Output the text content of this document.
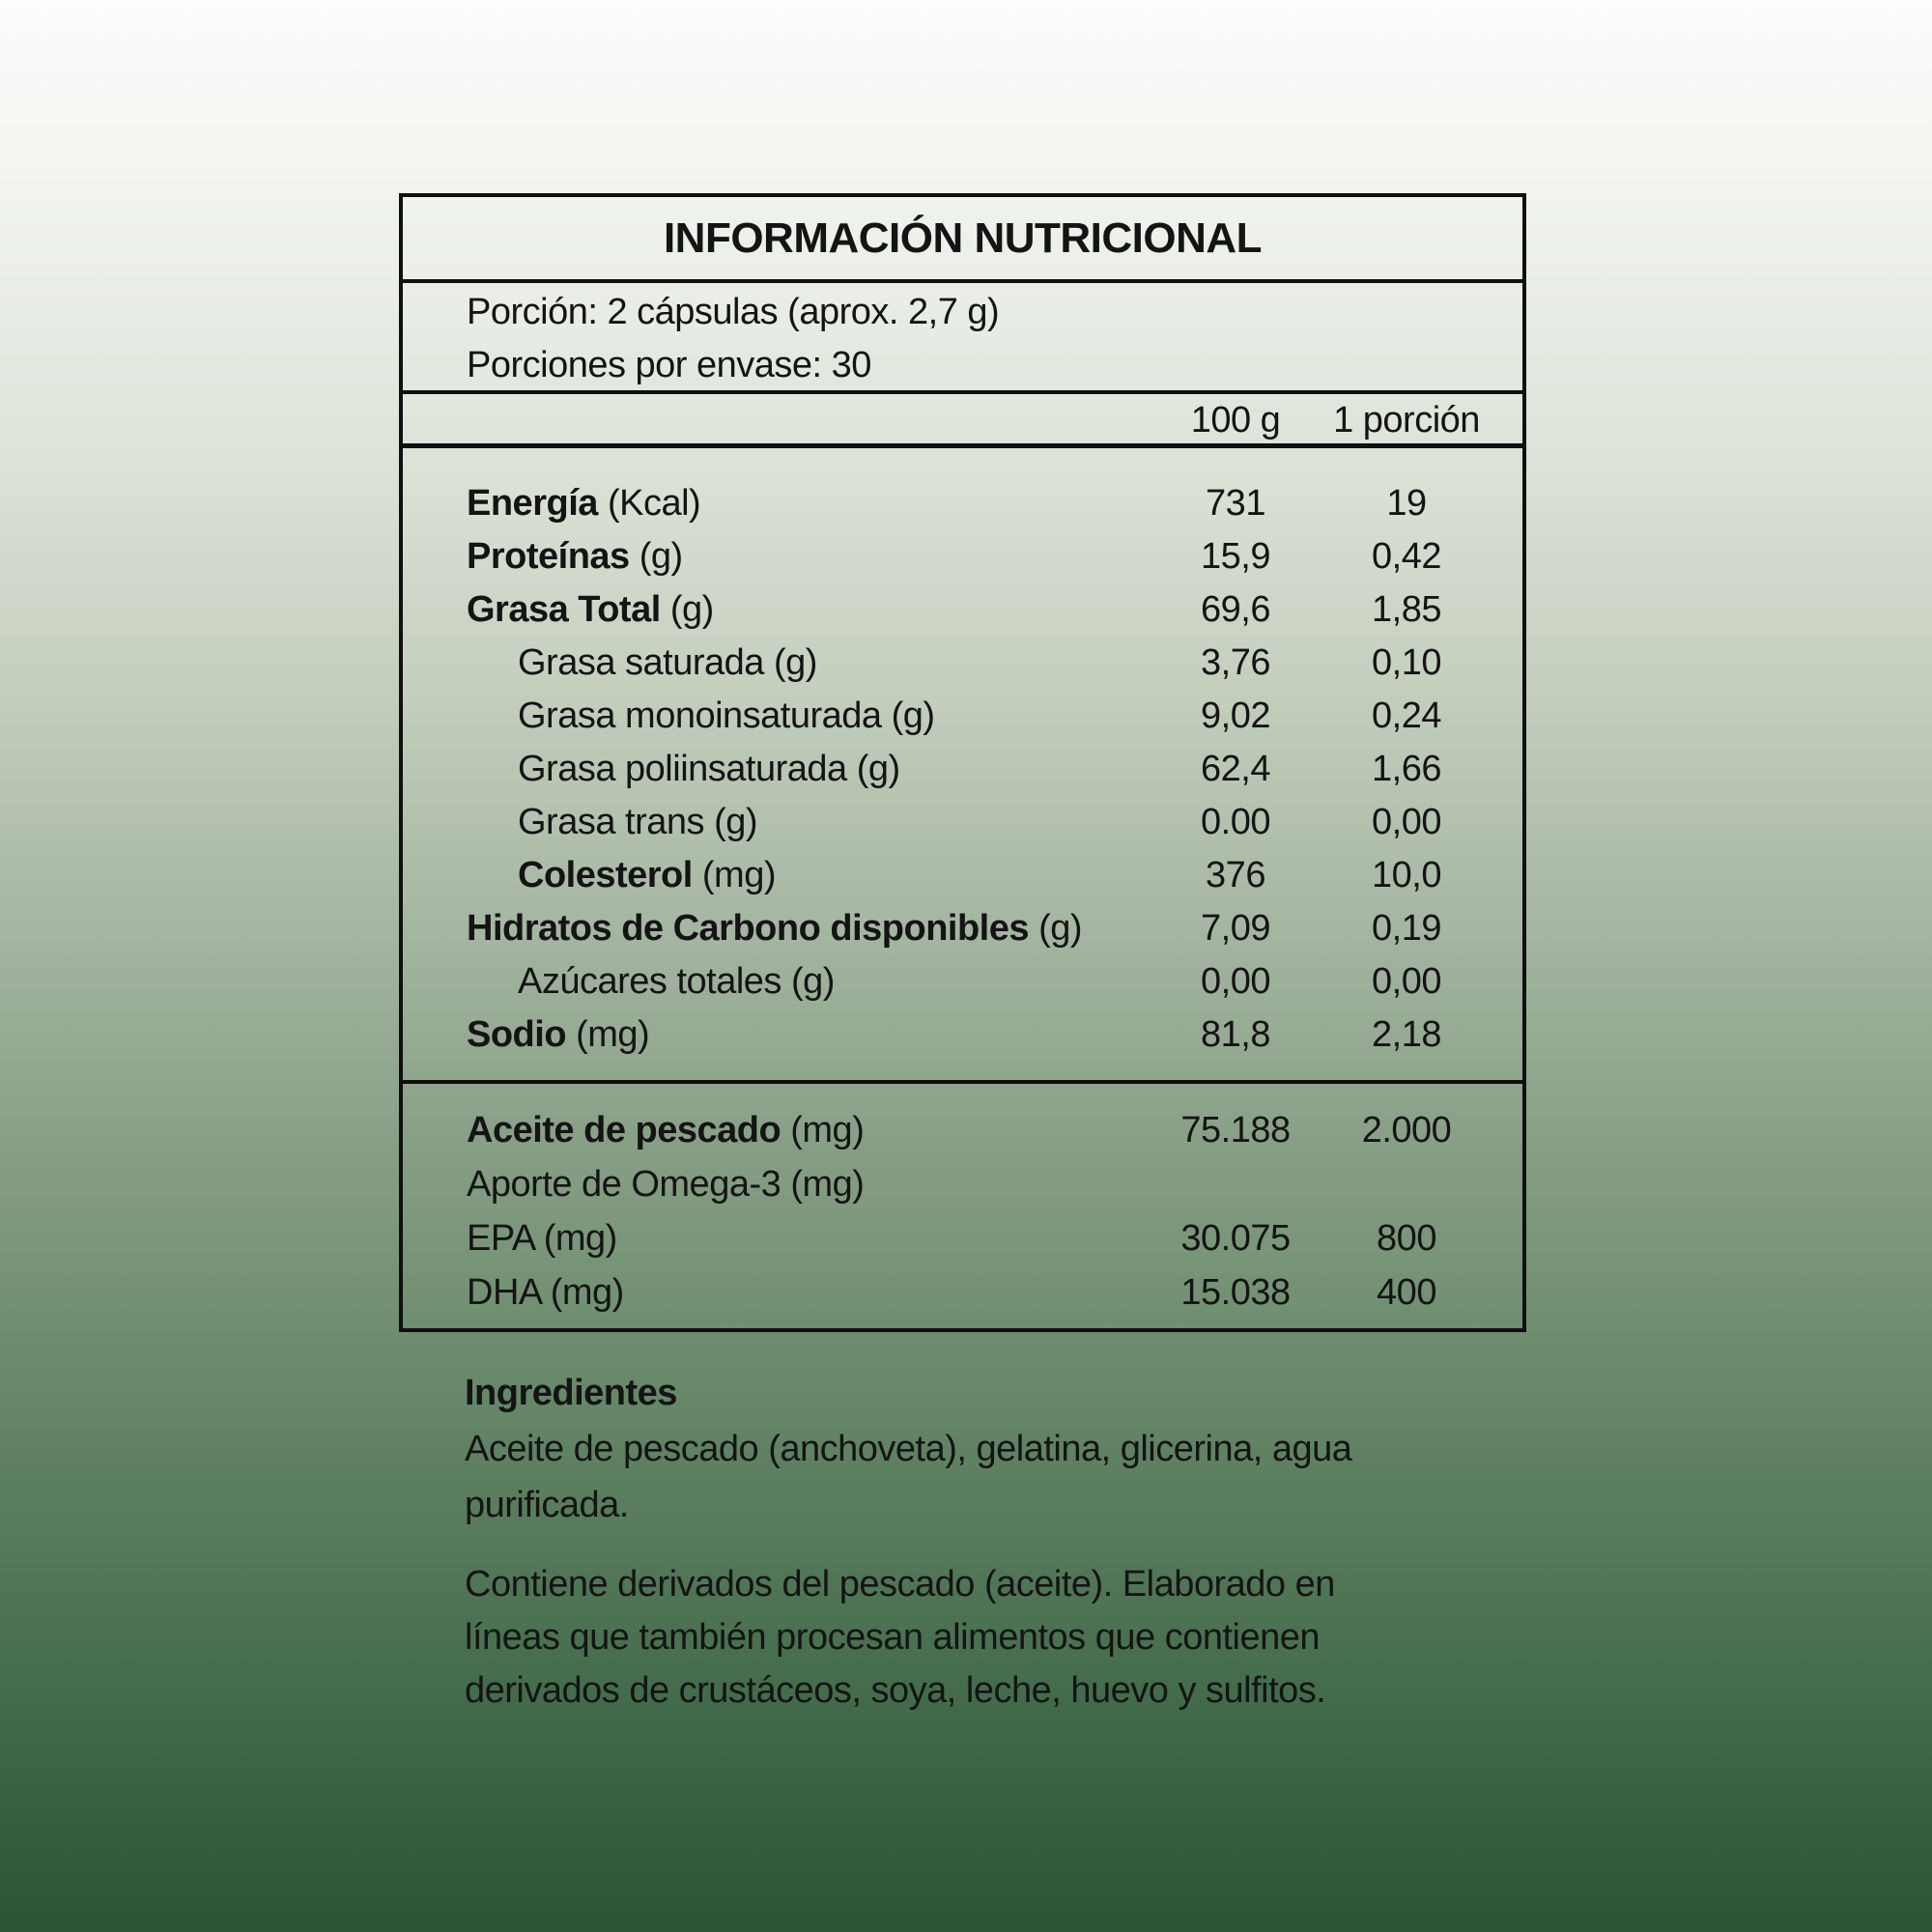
INFORMACIÓN NUTRICIONAL
Porción: 2 cápsulas (aprox. 2,7 g)
Porciones por envase: 30
100 g	1 porción
Energía (Kcal)	731	19
Proteínas (g)	15,9	0,42
Grasa Total (g)	69,6	1,85
Grasa saturada (g)	3,76	0,10
Grasa monoinsaturada (g)	9,02	0,24
Grasa poliinsaturada (g)	62,4	1,66
Grasa trans (g)	0.00	0,00
Colesterol (mg)	376	10,0
Hidratos de Carbono disponibles (g)	7,09	0,19
Azúcares totales (g)	0,00	0,00
Sodio (mg)	81,8	2,18
Aceite de pescado (mg)	75.188	2.000
Aporte de Omega-3 (mg)
EPA (mg)	30.075	800
DHA (mg)	15.038	400
Ingredientes
Aceite de pescado (anchoveta), gelatina, glicerina, agua
purificada.
Contiene derivados del pescado (aceite). Elaborado en
líneas que también procesan alimentos que contienen
derivados de crustáceos, soya, leche, huevo y sulfitos.
